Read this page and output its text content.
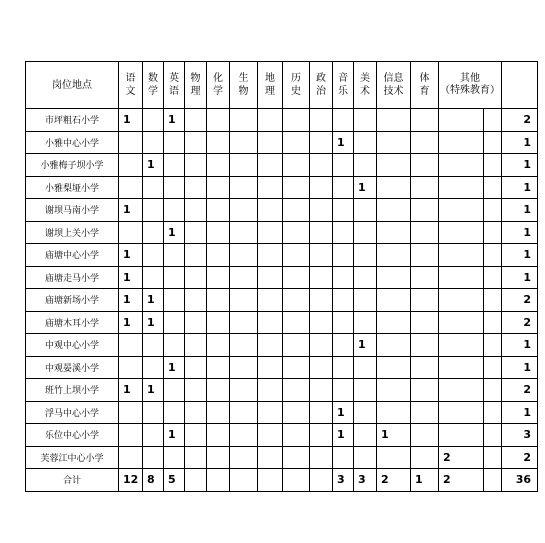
岗位地点	语文	数学	英语	物理	化学	生物	地理	历史	政治	音乐	美术	信息技术	体育	其他
（特殊教育）		

市坪粗石小学	1		1													2
小雅中心小学										1						1
小雅梅子坝小学		1														1
小雅梨垭小学											1					1
谢坝马南小学	1															1
谢坝上关小学			1													1
庙塘中心小学	1															1
庙塘走马小学	1															1
庙塘新场小学	1	1														2
庙塘木耳小学	1	1														2
中观中心小学											1					1
中观晏溪小学			1													1
班竹上坝小学	1	1														2
浮马中心小学										1						1
乐位中心小学			1							1		1				3
芙蓉江中心小学														2		2
合计	12	8	5							3	3	2	1	2		36
